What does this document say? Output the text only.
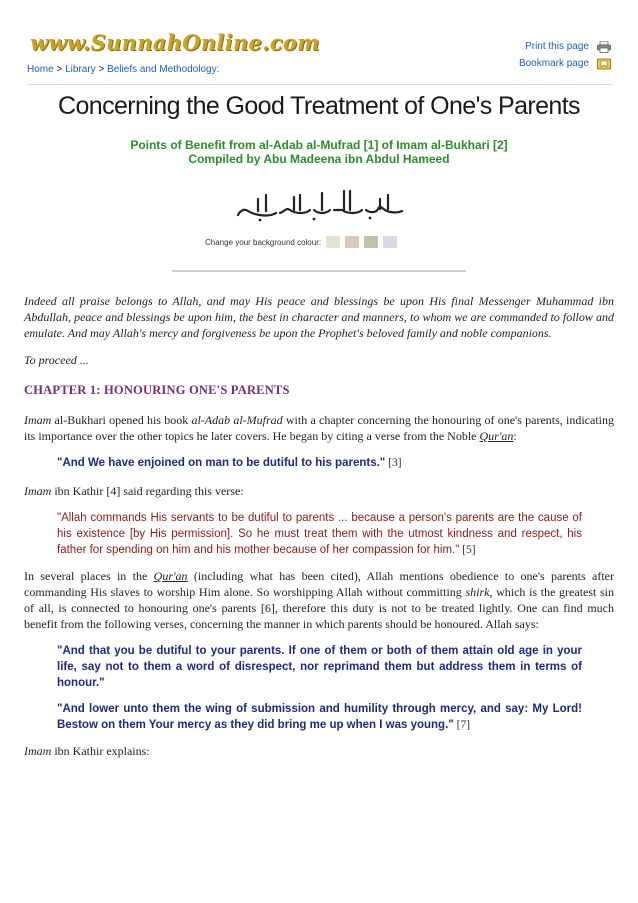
www.SunnahOnline.com
Home > Library > Beliefs and Methodology:
Print this page
Bookmark page
Concerning the Good Treatment of One's Parents
Points of Benefit from al-Adab al-Mufrad [1] of Imam al-Bukhari [2]
Compiled by Abu Madeena ibn Abdul Hameed
Change your background colour:

Indeed all praise belongs to Allah, and may His peace and blessings be upon His final Messenger Muhammad ibn Abdullah, peace and blessings be upon him, the best in character and manners, to whom we are commanded to follow and emulate. And may Allah's mercy and forgiveness be upon the Prophet's beloved family and noble companions.

To proceed ...

CHAPTER 1: HONOURING ONE'S PARENTS

Imam al-Bukhari opened his book al-Adab al-Mufrad with a chapter concerning the honouring of one's parents, indicating its importance over the other topics he later covers. He began by citing a verse from the Noble Qur'an:

"And We have enjoined on man to be dutiful to his parents." [3]

Imam ibn Kathir [4] said regarding this verse:

"Allah commands His servants to be dutiful to parents ... because a person's parents are the cause of his existence [by His permission]. So he must treat them with the utmost kindness and respect, his father for spending on him and his mother because of her compassion for him." [5]

In several places in the Qur'an (including what has been cited), Allah mentions obedience to one's parents after commanding His slaves to worship Him alone. So worshipping Allah without committing shirk, which is the greatest sin of all, is connected to honouring one's parents [6], therefore this duty is not to be treated lightly. One can find much benefit from the following verses, concerning the manner in which parents should be honoured. Allah says:

"And that you be dutiful to your parents. If one of them or both of them attain old age in your life, say not to them a word of disrespect, nor reprimand them but address them in terms of honour."
"And lower unto them the wing of submission and humility through mercy, and say: My Lord! Bestow on them Your mercy as they did bring me up when I was young." [7]

Imam ibn Kathir explains:
